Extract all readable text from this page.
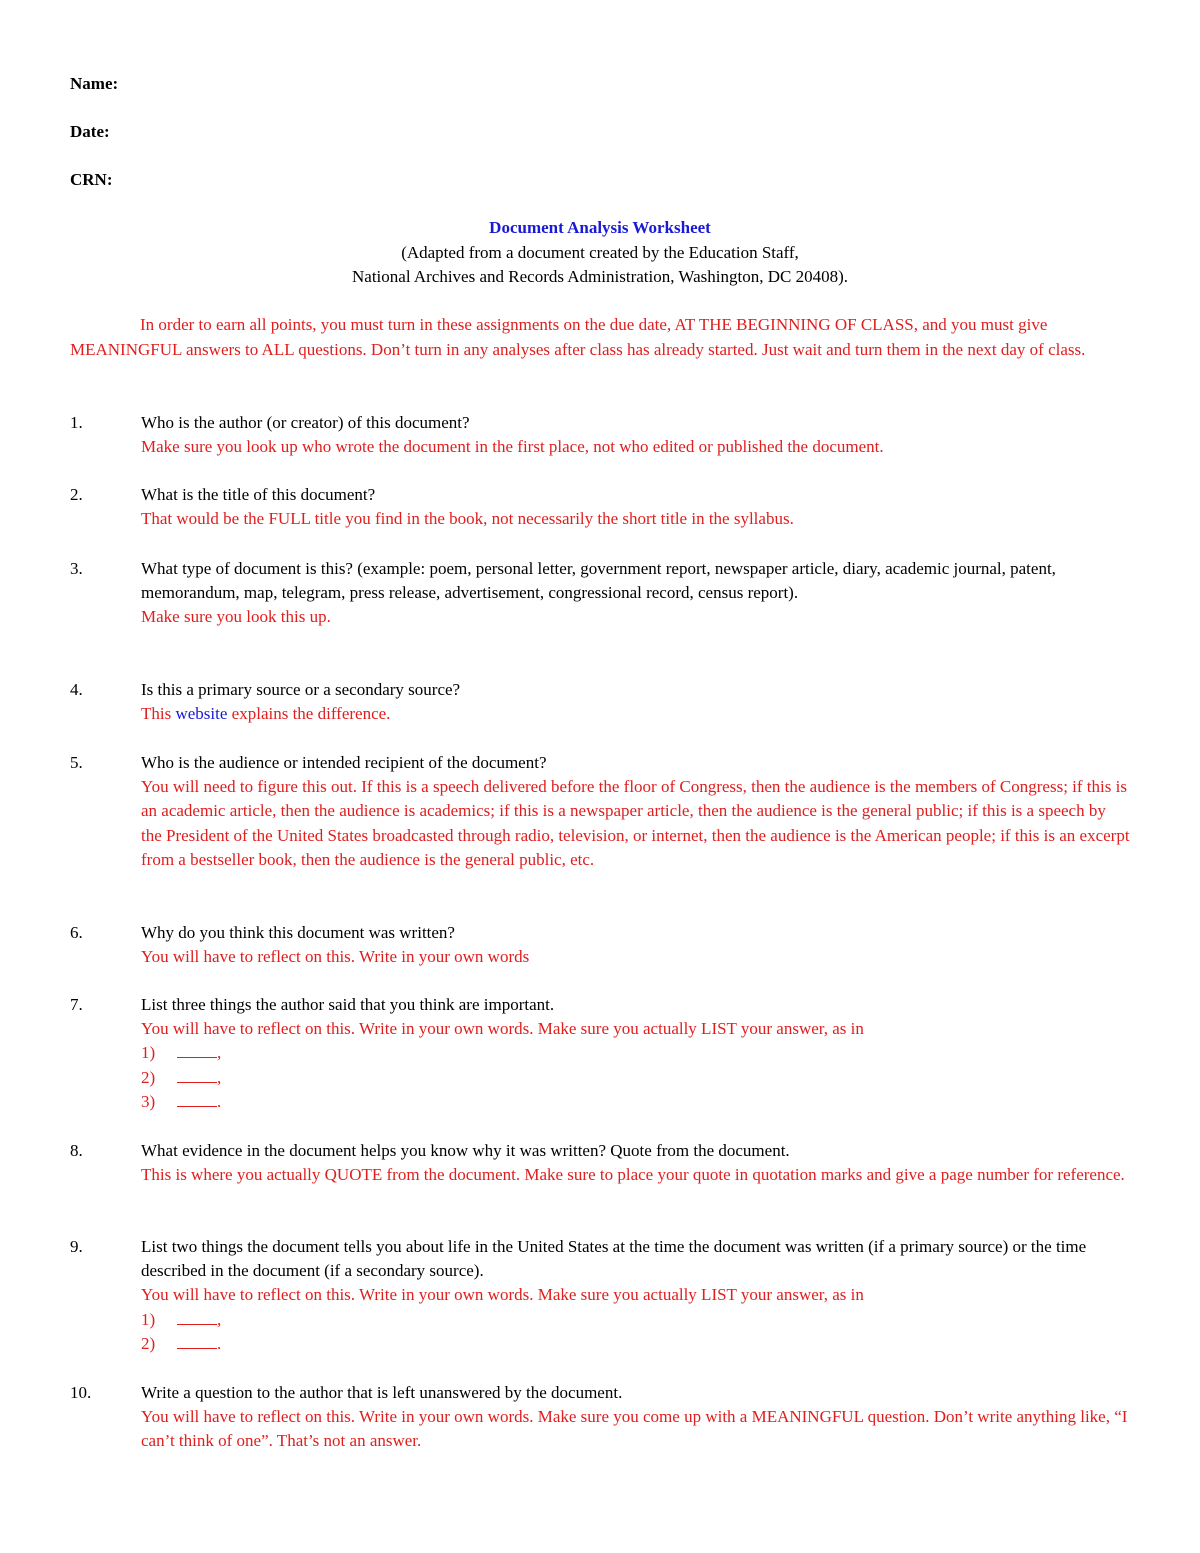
Name:
Date:
CRN:
Document Analysis Worksheet
(Adapted from a document created by the Education Staff,
National Archives and Records Administration, Washington, DC 20408).

In order to earn all points, you must turn in these assignments on the due date, AT THE BEGINNING OF CLASS, and you must give MEANINGFUL answers to ALL questions. Don’t turn in any analyses after class has already started. Just wait and turn them in the next day of class.

1.	Who is the author (or creator) of this document?
Make sure you look up who wrote the document in the first place, not who edited or published the document.
2.	What is the title of this document?
That would be the FULL title you find in the book, not necessarily the short title in the syllabus.
3.	What type of document is this? (example: poem, personal letter, government report, newspaper article, diary, academic journal, patent, memorandum, map, telegram, press release, advertisement, congressional record, census report).
Make sure you look this up.
4.	Is this a primary source or a secondary source?
This website explains the difference.
5.	Who is the audience or intended recipient of the document?
You will need to figure this out. If this is a speech delivered before the floor of Congress, then the audience is the members of Congress; if this is an academic article, then the audience is academics; if this is a newspaper article, then the audience is the general public; if this is a speech by the President of the United States broadcasted through radio, television, or internet, then the audience is the American people; if this is an excerpt from a bestseller book, then the audience is the general public, etc.
6.	Why do you think this document was written?
You will have to reflect on this. Write in your own words
7.	List three things the author said that you think are important.
You will have to reflect on this. Write in your own words. Make sure you actually LIST your answer, as in
1)	,
2)	,
3)	.
8.	What evidence in the document helps you know why it was written? Quote from the document.
This is where you actually QUOTE from the document. Make sure to place your quote in quotation marks and give a page number for reference.
9.	List two things the document tells you about life in the United States at the time the document was written (if a primary source) or the time described in the document (if a secondary source).
You will have to reflect on this. Write in your own words. Make sure you actually LIST your answer, as in
1)	,
2)	.
10.	Write a question to the author that is left unanswered by the document.
You will have to reflect on this. Write in your own words. Make sure you come up with a MEANINGFUL question. Don’t write anything like, “I can’t think of one”. That’s not an answer.
